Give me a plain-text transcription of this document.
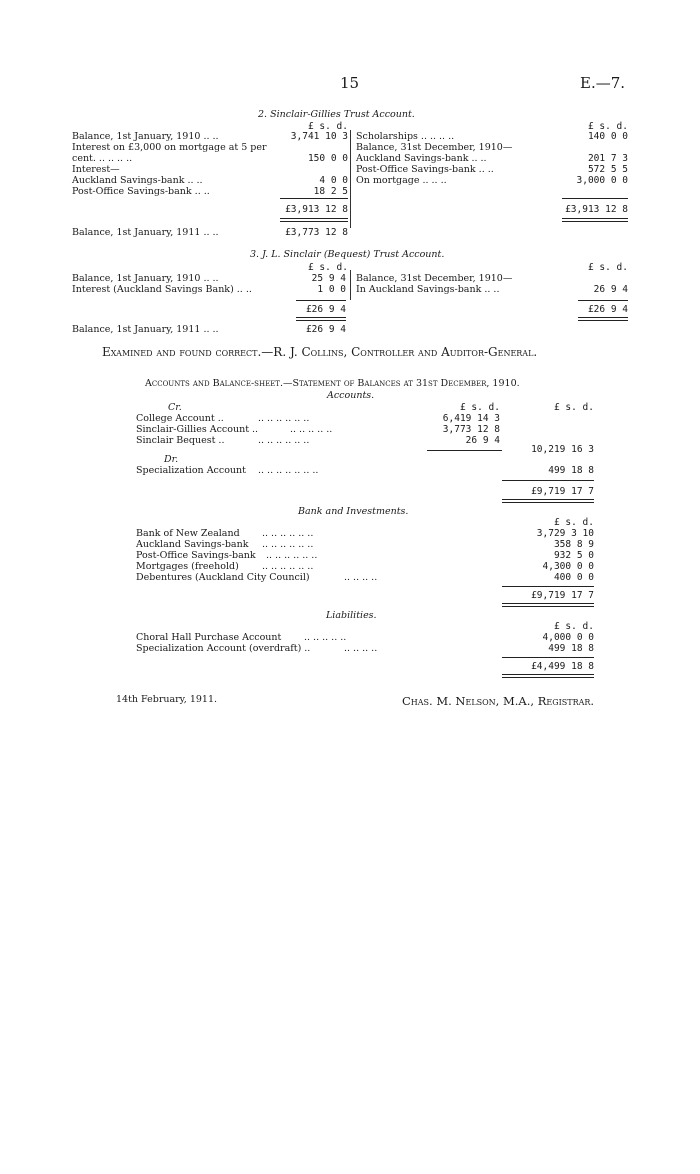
15	E.—7.
2. Sinclair-Gillies Trust Account.
£ s. d.	£ s. d.
Balance, 1st January, 1910 .. ..	3,741 10 3
Interest on £3,000 on mortgage at 5 per
cent. .. .. .. ..	150 0 0
Interest—
Auckland Savings-bank .. ..	4 0 0
Post-Office Savings-bank .. ..	18 2 5
Scholarships .. .. .. ..	140 0 0
Balance, 31st December, 1910—
Auckland Savings-bank .. ..	201 7 3
Post-Office Savings-bank .. ..	572 5 5
On mortgage .. .. ..	3,000 0 0
£3,913 12 8	£3,913 12 8
Balance, 1st January, 1911 .. ..	£3,773 12 8
3. J. L. Sinclair (Bequest) Trust Account.
£ s. d.	£ s. d.
Balance, 1st January, 1910 .. ..	25 9 4
Interest (Auckland Savings Bank) .. ..	1 0 0
Balance, 31st December, 1910—
In Auckland Savings-bank .. ..	26 9 4
£26 9 4	£26 9 4
Balance, 1st January, 1911 .. ..	£26 9 4
Examined and found correct.—R. J. Collins, Controller and Auditor-General.
Accounts and Balance-sheet.—Statement of Balances at 31st December, 1910.
Accounts.
Cr.	£ s. d.	£ s. d.
College Account ..	.. .. .. .. .. ..	6,419 14 3
Sinclair-Gillies Account ..	.. .. .. .. ..	3,773 12 8
Sinclair Bequest ..	.. .. .. .. .. ..	26 9 4
10,219 16 3
Dr.
Specialization Account .. .. .. .. .. .. ..	499 18 8
£9,719 17 7
Bank and Investments.
£ s. d.
Bank of New Zealand .. .. .. .. .. ..	3,729 3 10
Auckland Savings-bank .. .. .. .. .. ..	358 8 9
Post-Office Savings-bank .. .. .. .. .. ..	932 5 0
Mortgages (freehold) .. .. .. .. .. ..	4,300 0 0
Debentures (Auckland City Council)	.. .. .. ..	400 0 0
£9,719 17 7
Liabilities.
£ s. d.
Choral Hall Purchase Account .. .. .. .. ..	4,000 0 0
Specialization Account (overdraft) ..	.. .. .. ..	499 18 8
£4,499 18 8
14th February, 1911.	Chas. M. Nelson, M.A., Registrar.
